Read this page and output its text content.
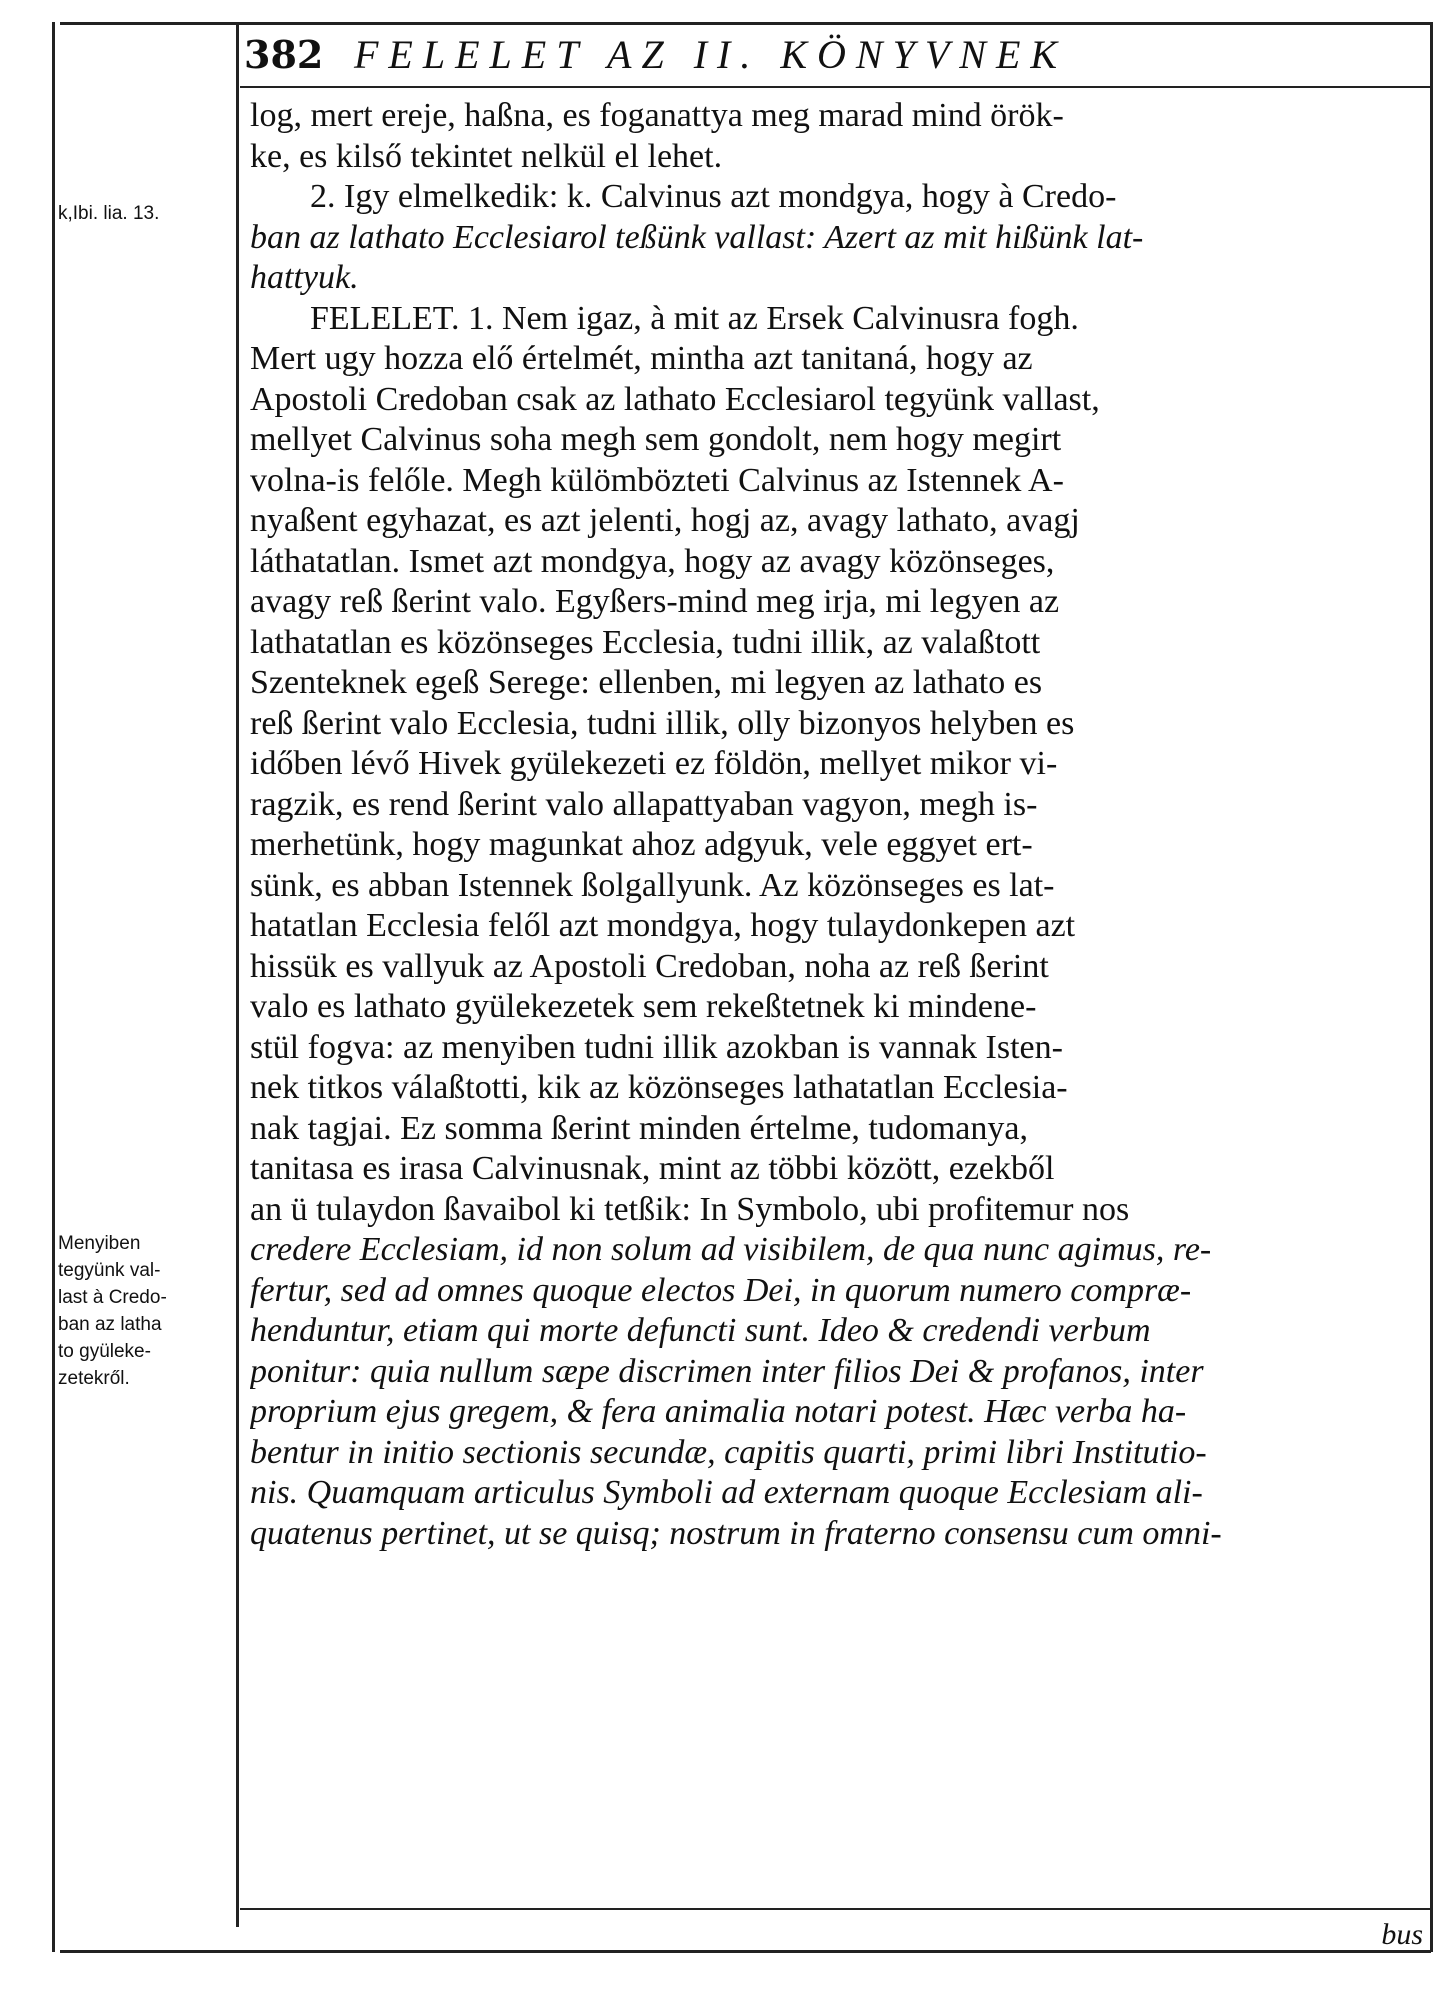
382 FELELET AZ II. KÖNYVNEK
k,Ibi. lia. 13.
Menyiben
tegyünk val-
last à Credo-
ban az latha
to gyüleke-
zetekről.
log, mert ereje, haßna, es foganattya meg marad mind örök-
ke, es kilső tekintet nelkül el lehet.
2. Igy elmelkedik: k. Calvinus azt mondgya, hogy à Credo-
ban az lathato Ecclesiarol teßünk vallast: Azert az mit hißünk lat-
hattyuk.
FELELET. 1. Nem igaz, à mit az Ersek Calvinusra fogh.
Mert ugy hozza elő értelmét, mintha azt tanitaná, hogy az
Apostoli Credoban csak az lathato Ecclesiarol tegyünk vallast,
mellyet Calvinus soha megh sem gondolt, nem hogy megirt
volna-is felőle. Megh külömbözteti Calvinus az Istennek A-
nyaßent egyhazat, es azt jelenti, hogj az, avagy lathato, avagj
láthatatlan. Ismet azt mondgya, hogy az avagy közönseges,
avagy reß ßerint valo. Egyßers-mind meg irja, mi legyen az
lathatatlan es közönseges Ecclesia, tudni illik, az valaßtott
Szenteknek egeß Serege: ellenben, mi legyen az lathato es
reß ßerint valo Ecclesia, tudni illik, olly bizonyos helyben es
időben lévő Hivek gyülekezeti ez földön, mellyet mikor vi-
ragzik, es rend ßerint valo allapattyaban vagyon, megh is-
merhetünk, hogy magunkat ahoz adgyuk, vele eggyet ert-
sünk, es abban Istennek ßolgallyunk. Az közönseges es lat-
hatatlan Ecclesia felől azt mondgya, hogy tulaydonkepen azt
hissük es vallyuk az Apostoli Credoban, noha az reß ßerint
valo es lathato gyülekezetek sem rekeßtetnek ki mindene-
stül fogva: az menyiben tudni illik azokban is vannak Isten-
nek titkos válaßtotti, kik az közönseges lathatatlan Ecclesia-
nak tagjai. Ez somma ßerint minden értelme, tudomanya,
tanitasa es irasa Calvinusnak, mint az többi között, ezekből
an ü tulaydon ßavaibol ki tetßik: In Symbolo, ubi profitemur nos
credere Ecclesiam, id non solum ad visibilem, de qua nunc agimus, re-
fertur, sed ad omnes quoque electos Dei, in quorum numero compræ-
henduntur, etiam qui morte defuncti sunt. Ideo & credendi verbum
ponitur: quia nullum sæpe discrimen inter filios Dei & profanos, inter
proprium ejus gregem, & fera animalia notari potest. Hæc verba ha-
bentur in initio sectionis secundæ, capitis quarti, primi libri Institutio-
nis. Quamquam articulus Symboli ad externam quoque Ecclesiam ali-
quatenus pertinet, ut se quisq; nostrum in fraterno consensu cum omni-
bus
